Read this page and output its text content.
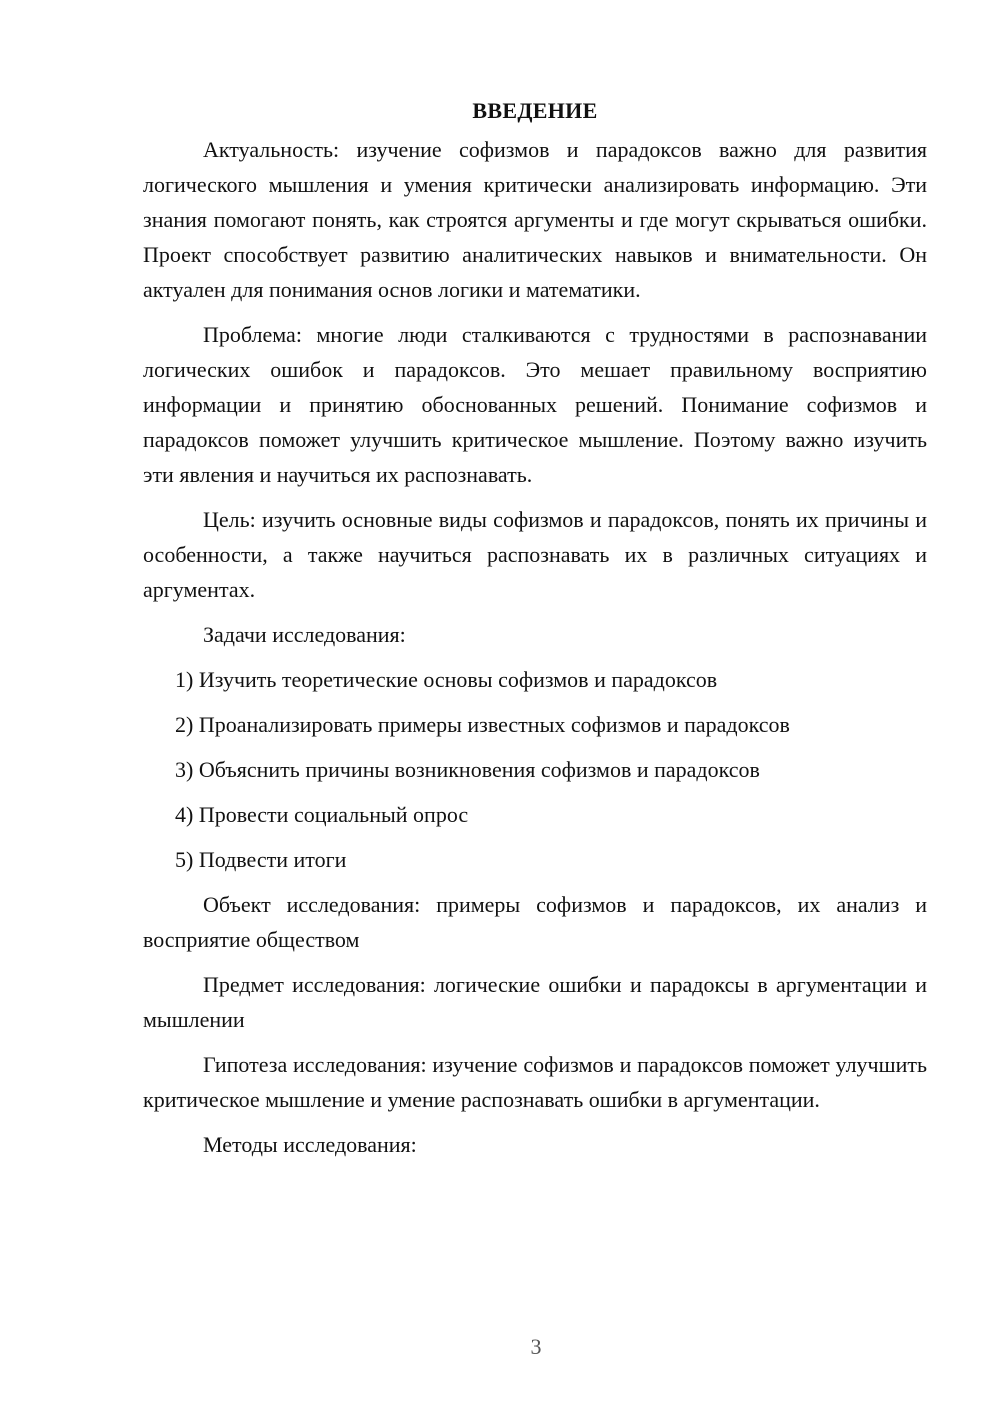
ВВЕДЕНИЕ

Актуальность: изучение софизмов и парадоксов важно для развития логического мышления и умения критически анализировать информацию. Эти знания помогают понять, как строятся аргументы и где могут скрываться ошибки. Проект способствует развитию аналитических навыков и внимательности. Он актуален для понимания основ логики и математики.

Проблема: многие люди сталкиваются с трудностями в распознавании логических ошибок и парадоксов. Это мешает правильному восприятию информации и принятию обоснованных решений. Понимание софизмов и парадоксов поможет улучшить критическое мышление. Поэтому важно изучить эти явления и научиться их распознавать.

Цель: изучить основные виды софизмов и парадоксов, понять их причины и особенности, а также научиться распознавать их в различных ситуациях и аргументах.

Задачи исследования:

1) Изучить теоретические основы софизмов и парадоксов
2) Проанализировать примеры известных софизмов и парадоксов
3) Объяснить причины возникновения софизмов и парадоксов
4) Провести социальный опрос
5) Подвести итоги

Объект исследования: примеры софизмов и парадоксов, их анализ и восприятие обществом

Предмет исследования: логические ошибки и парадоксы в аргументации и мышлении

Гипотеза исследования: изучение софизмов и парадоксов поможет улучшить критическое мышление и умение распознавать ошибки в аргументации.

Методы исследования:

3
